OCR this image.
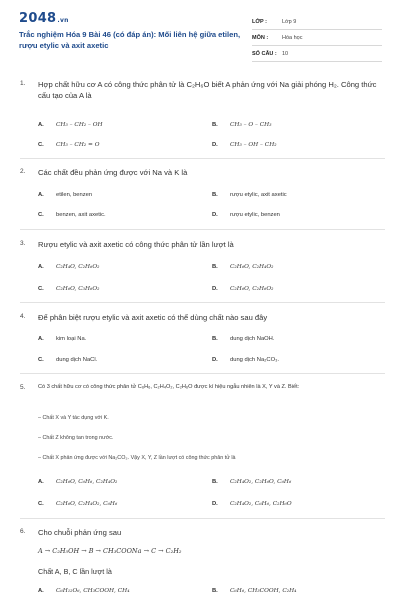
2048.vn
Trắc nghiệm Hóa 9 Bài 46 (có đáp án): Mối liên hệ giữa etilen, rượu etylic và axit axetic
LỚP :	Lớp 9
MÔN :	Hóa học
SỐ CÂU : 10
1. Hợp chất hữu cơ A có công thức phân tử là C₂H₆O biết A phản ứng với Na giải phóng H₂. Công thức cấu tạo của A là
A. CH₃ – CH₂ – OH	B. CH₃ – O – CH₃
C. CH₃ – CH₂ = O	D. CH₃ – OH – CH₂
2. Các chất đều phản ứng được với Na và K là
A. etilen, benzen	B. rượu etylic, axit axetic
C. benzen, axit axetic.	D. rượu etylic, benzen
3. Rượu etylic và axit axetic có công thức phân tử lần lượt là
A. C₂H₄O, C₂H₆O₂	B. C₂H₆O, C₂H₄O₂
C. C₂H₆O, C₃H₆O₂	D. C₂H₆O, C₂H₆O₂
4. Để phân biệt rượu etylic và axit axetic có thể dùng chất nào sau đây
A. kim loại Na.	B. dung dịch NaOH.
C. dung dịch NaCl.	D. dung dịch Na₂CO₃.
5. Có 3 chất hữu cơ có công thức phân tử C₆H₆, C₂H₄O₂, C₂H₆O được kí hiệu ngẫu nhiên là X, Y và Z. Biết:
– Chất X và Y tác dụng với K.
– Chất Z không tan trong nước.
– Chất X phản ứng được với Na₂CO₃. Vậy X, Y, Z lần lượt có công thức phân tử là
A. C₂H₆O, C₆H₆, C₂H₄O₂	B. C₂H₄O₂, C₂H₆O, C₆H₆
C. C₂H₆O, C₂H₄O₂, C₆H₆	D. C₂H₄O₂, C₆H₆, C₂H₆O
6. Cho chuỗi phản ứng sau
A → C₂H₅OH → B → CH₃COONa → C → C₂H₂
Chất A, B, C lần lượt là
A. C₆H₁₂O₆, CH₃COOH, CH₄	B. C₆H₆, CH₃COOH, C₂H₄
